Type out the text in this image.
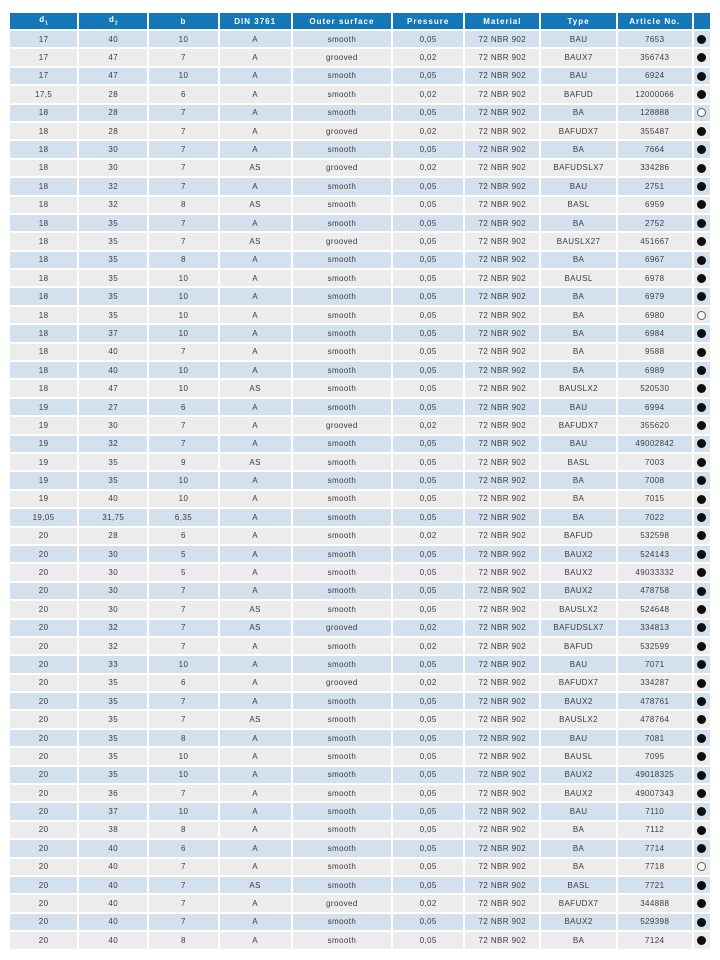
$d_1$	$d_2$	b	DIN 3761	Outer surface	Pressure	Material	Type	Article No.	
17	40	10	A	smooth	0,05	72 NBR 902	BAU	7653	
17	47	7	A	grooved	0,02	72 NBR 902	BAUX7	356743	
17	47	10	A	smooth	0,05	72 NBR 902	BAU	6924	
17,5	28	6	A	smooth	0,02	72 NBR 902	BAFUD	12000066	
18	28	7	A	smooth	0,05	72 NBR 902	BA	128888	
18	28	7	A	grooved	0,02	72 NBR 902	BAFUDX7	355487	
18	30	7	A	smooth	0,05	72 NBR 902	BA	7664	
18	30	7	AS	grooved	0,02	72 NBR 902	BAFUDSLX7	334286	
18	32	7	A	smooth	0,05	72 NBR 902	BAU	2751	
18	32	8	AS	smooth	0,05	72 NBR 902	BASL	6959	
18	35	7	A	smooth	0,05	72 NBR 902	BA	2752	
18	35	7	AS	grooved	0,05	72 NBR 902	BAUSLX27	451667	
18	35	8	A	smooth	0,05	72 NBR 902	BA	6967	
18	35	10	A	smooth	0,05	72 NBR 902	BAUSL	6978	
18	35	10	A	smooth	0,05	72 NBR 902	BA	6979	
18	35	10	A	smooth	0,05	72 NBR 902	BA	6980	
18	37	10	A	smooth	0,05	72 NBR 902	BA	6984	
18	40	7	A	smooth	0,05	72 NBR 902	BA	9588	
18	40	10	A	smooth	0,05	72 NBR 902	BA	6989	
18	47	10	AS	smooth	0,05	72 NBR 902	BAUSLX2	520530	
19	27	6	A	smooth	0,05	72 NBR 902	BAU	6994	
19	30	7	A	grooved	0,02	72 NBR 902	BAFUDX7	355620	
19	32	7	A	smooth	0,05	72 NBR 902	BAU	49002842	
19	35	9	AS	smooth	0,05	72 NBR 902	BASL	7003	
19	35	10	A	smooth	0,05	72 NBR 902	BA	7008	
19	40	10	A	smooth	0,05	72 NBR 902	BA	7015	
19,05	31,75	6,35	A	smooth	0,05	72 NBR 902	BA	7022	
20	28	6	A	smooth	0,02	72 NBR 902	BAFUD	532598	
20	30	5	A	smooth	0,05	72 NBR 902	BAUX2	524143	
20	30	5	A	smooth	0,05	72 NBR 902	BAUX2	49033332	
20	30	7	A	smooth	0,05	72 NBR 902	BAUX2	478758	
20	30	7	AS	smooth	0,05	72 NBR 902	BAUSLX2	524648	
20	32	7	AS	grooved	0,02	72 NBR 902	BAFUDSLX7	334813	
20	32	7	A	smooth	0,02	72 NBR 902	BAFUD	532599	
20	33	10	A	smooth	0,05	72 NBR 902	BAU	7071	
20	35	6	A	grooved	0,02	72 NBR 902	BAFUDX7	334287	
20	35	7	A	smooth	0,05	72 NBR 902	BAUX2	478761	
20	35	7	AS	smooth	0,05	72 NBR 902	BAUSLX2	478764	
20	35	8	A	smooth	0,05	72 NBR 902	BAU	7081	
20	35	10	A	smooth	0,05	72 NBR 902	BAUSL	7095	
20	35	10	A	smooth	0,05	72 NBR 902	BAUX2	49018325	
20	36	7	A	smooth	0,05	72 NBR 902	BAUX2	49007343	
20	37	10	A	smooth	0,05	72 NBR 902	BAU	7110	
20	38	8	A	smooth	0,05	72 NBR 902	BA	7112	
20	40	6	A	smooth	0,05	72 NBR 902	BA	7714	
20	40	7	A	smooth	0,05	72 NBR 902	BA	7718	
20	40	7	AS	smooth	0,05	72 NBR 902	BASL	7721	
20	40	7	A	grooved	0,02	72 NBR 902	BAFUDX7	344888	
20	40	7	A	smooth	0,05	72 NBR 902	BAUX2	529398	
20	40	8	A	smooth	0,05	72 NBR 902	BA	7124	
